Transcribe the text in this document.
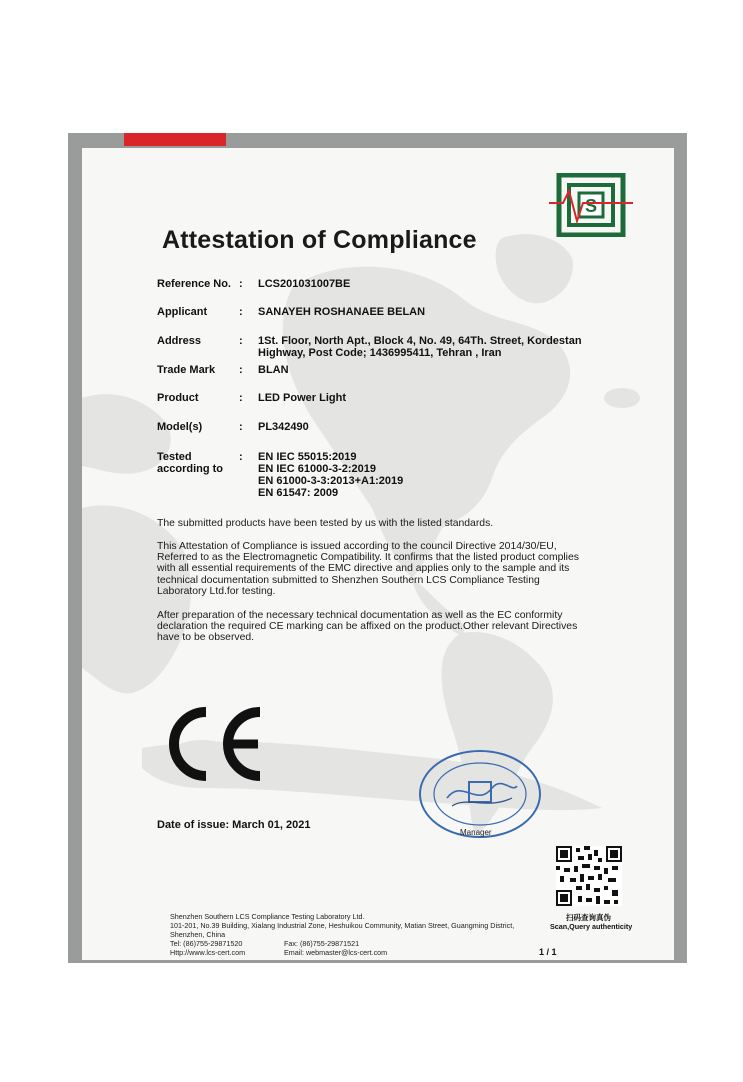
S
Attestation of Compliance
Reference No. : LCS201031007BE
Applicant	: SANAYEH ROSHANAEE BELAN
Address	: 1St. Floor, North Apt., Block 4, No. 49, 64Th. Street, Kordestan
Highway, Post Code; 1436995411, Tehran , Iran
Trade Mark : BLAN
Product	: LED Power Light
Model(s)	: PL342490
Tested
according to
: EN IEC 55015:2019
EN IEC 61000-3-2:2019
EN 61000-3-3:2013+A1:2019
EN 61547: 2009
The submitted products have been tested by us with the listed standards.
This Attestation of Compliance is issued according to the council Directive 2014/30/EU,
Referred to as the Electromagnetic Compatibility. It confirms that the listed product complies
with all essential requirements of the EMC directive and applies only to the sample and its
technical documentation submitted to Shenzhen Southern LCS Compliance Testing
Laboratory Ltd.for testing.
After preparation of the necessary technical documentation as well as the EC conformity
declaration the required CE marking can be affixed on the product.Other relevant Directives
have to be observed.
Manager
Date of issue: March 01, 2021
扫码查询真伪
Scan,Query authenticity
Shenzhen Southern LCS Compliance Testing Laboratory Ltd.
101-201, No.39 Building, Xialang Industrial Zone, Heshuikou Community, Matian Street, Guangming District,
Shenzhen, China
Tel: (86)755-29871520	Fax: (86)755-29871521
Http://www.lcs-cert.com	Email: webmaster@lcs-cert.com	1 / 1
